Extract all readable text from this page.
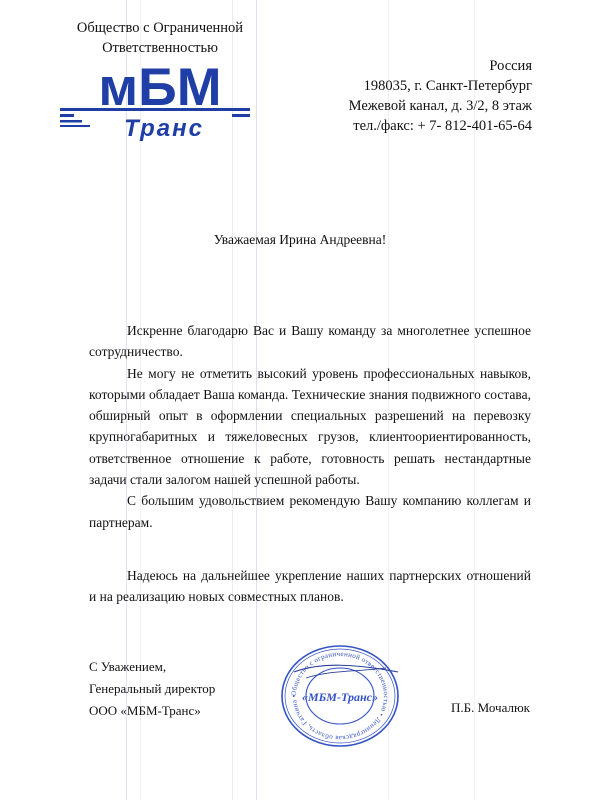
Общество с Ограниченной
Ответственностью
мБМ
Транс
Россия
198035, г. Санкт-Петербург
Межевой канал, д. 3/2, 8 этаж
тел./факс: + 7- 812-401-65-64
Уважаемая Ирина Андреевна!

Искренне благодарю Вас и Вашу команду за многолетнее успешное сотрудничество.

Не могу не отметить высокий уровень профессиональных навыков, которыми обладает Ваша команда. Технические знания подвижного состава, обширный опыт в оформлении специальных разрешений на перевозку крупногабаритных и тяжеловесных грузов, клиентоориентированность, ответственное отношение к работе, готовность решать нестандартные задачи стали залогом нашей успешной работы.

С большим удовольствием рекомендую Вашу компанию коллегам и партнерам.

Надеюсь на дальнейшее укрепление наших партнерских отношений и на реализацию новых совместных планов.

С Уважением,
Генеральный директор
ООО «МБМ-Транс»
Общество с ограниченной ответственностью • Ленинградская область, Гатчина • «МБМ-Транс»
П.Б. Мочалюк
